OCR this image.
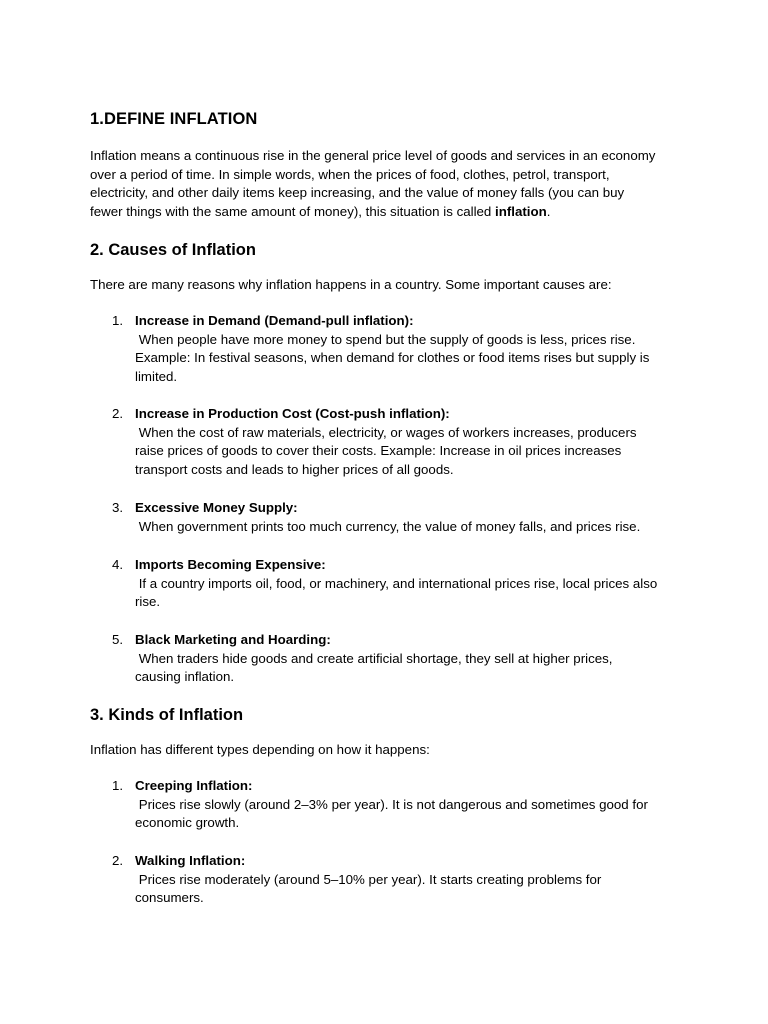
1.DEFINE INFLATION
Inflation means a continuous rise in the general price level of goods and services in an economy
over a period of time. In simple words, when the prices of food, clothes, petrol, transport,
electricity, and other daily items keep increasing, and the value of money falls (you can buy
fewer things with the same amount of money), this situation is called inflation.
2. Causes of Inflation

There are many reasons why inflation happens in a country. Some important causes are:

1. Increase in Demand (Demand-pull inflation):
When people have more money to spend but the supply of goods is less, prices rise.
Example: In festival seasons, when demand for clothes or food items rises but supply is
limited.
2. Increase in Production Cost (Cost-push inflation):
When the cost of raw materials, electricity, or wages of workers increases, producers
raise prices of goods to cover their costs. Example: Increase in oil prices increases
transport costs and leads to higher prices of all goods.
3. Excessive Money Supply:
When government prints too much currency, the value of money falls, and prices rise.
4. Imports Becoming Expensive:
If a country imports oil, food, or machinery, and international prices rise, local prices also
rise.
5. Black Marketing and Hoarding:
When traders hide goods and create artificial shortage, they sell at higher prices,
causing inflation.
3. Kinds of Inflation

Inflation has different types depending on how it happens:

1. Creeping Inflation:
Prices rise slowly (around 2–3% per year). It is not dangerous and sometimes good for
economic growth.
2. Walking Inflation:
Prices rise moderately (around 5–10% per year). It starts creating problems for
consumers.
